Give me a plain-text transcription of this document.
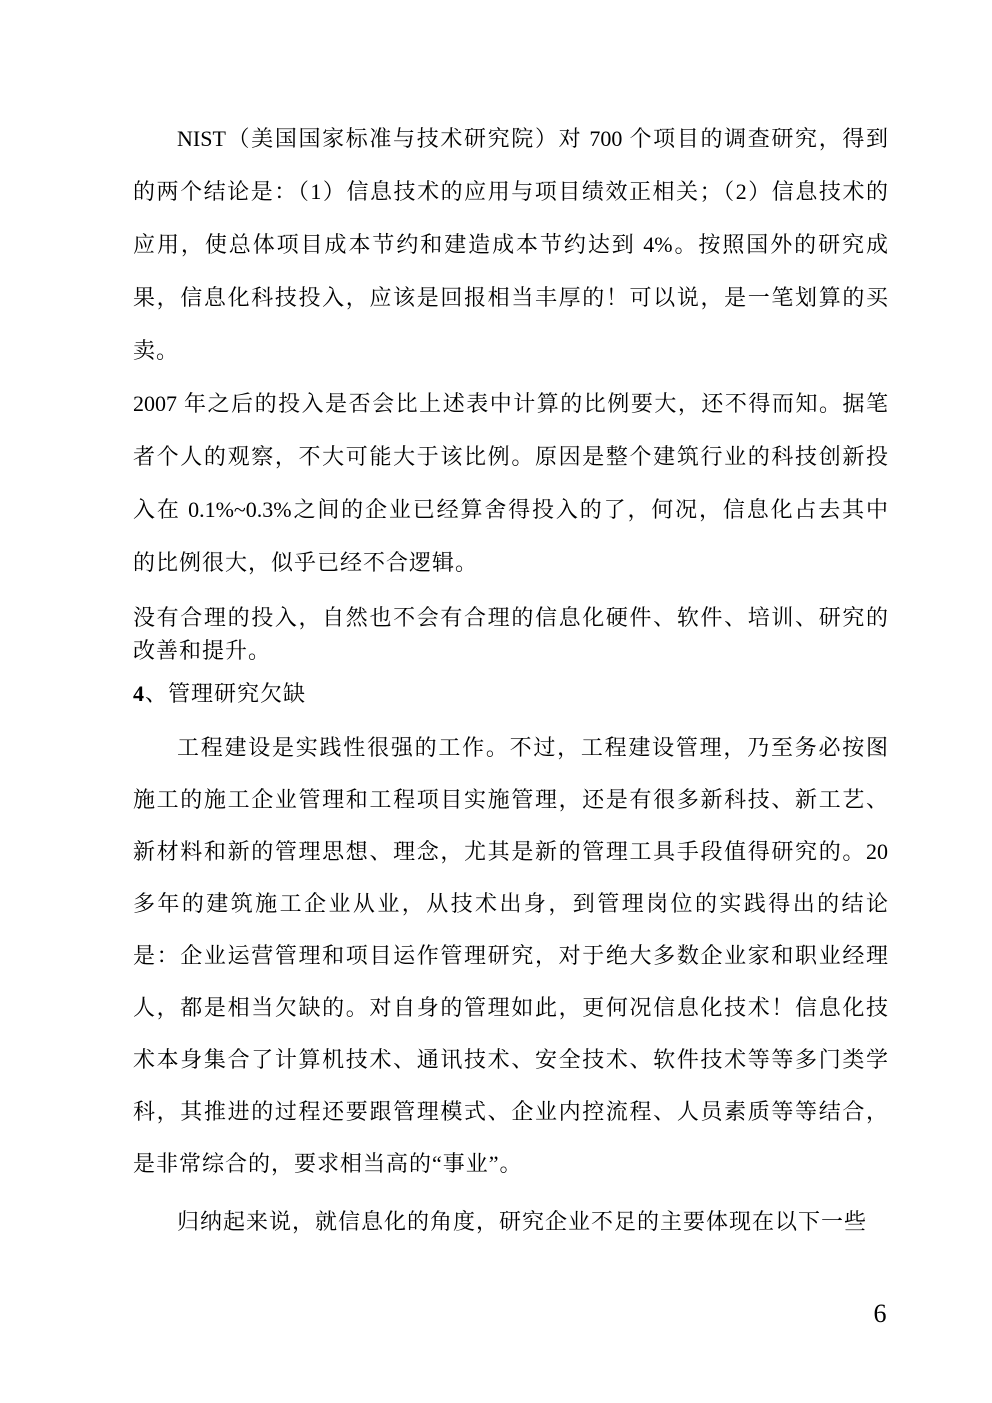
NIST（美国国家标准与技术研究院）对 700 个项目的调查研究，得到
的两个结论是：（1）信息技术的应用与项目绩效正相关；（2）信息技术的
应用，使总体项目成本节约和建造成本节约达到 4%。按照国外的研究成
果，信息化科技投入，应该是回报相当丰厚的！可以说，是一笔划算的买
卖。
2007 年之后的投入是否会比上述表中计算的比例要大，还不得而知。据笔
者个人的观察，不大可能大于该比例。原因是整个建筑行业的科技创新投
入在 0.1%~0.3%之间的企业已经算舍得投入的了，何况，信息化占去其中
的比例很大，似乎已经不合逻辑。
没有合理的投入，自然也不会有合理的信息化硬件、软件、培训、研究的
改善和提升。
4、管理研究欠缺
工程建设是实践性很强的工作。不过，工程建设管理，乃至务必按图
施工的施工企业管理和工程项目实施管理，还是有很多新科技、新工艺、
新材料和新的管理思想、理念，尤其是新的管理工具手段值得研究的。20
多年的建筑施工企业从业，从技术出身，到管理岗位的实践得出的结论
是：企业运营管理和项目运作管理研究，对于绝大多数企业家和职业经理
人，都是相当欠缺的。对自身的管理如此，更何况信息化技术！信息化技
术本身集合了计算机技术、通讯技术、安全技术、软件技术等等多门类学
科，其推进的过程还要跟管理模式、企业内控流程、人员素质等等结合，
是非常综合的，要求相当高的“事业”。
归纳起来说，就信息化的角度，研究企业不足的主要体现在以下一些
6
